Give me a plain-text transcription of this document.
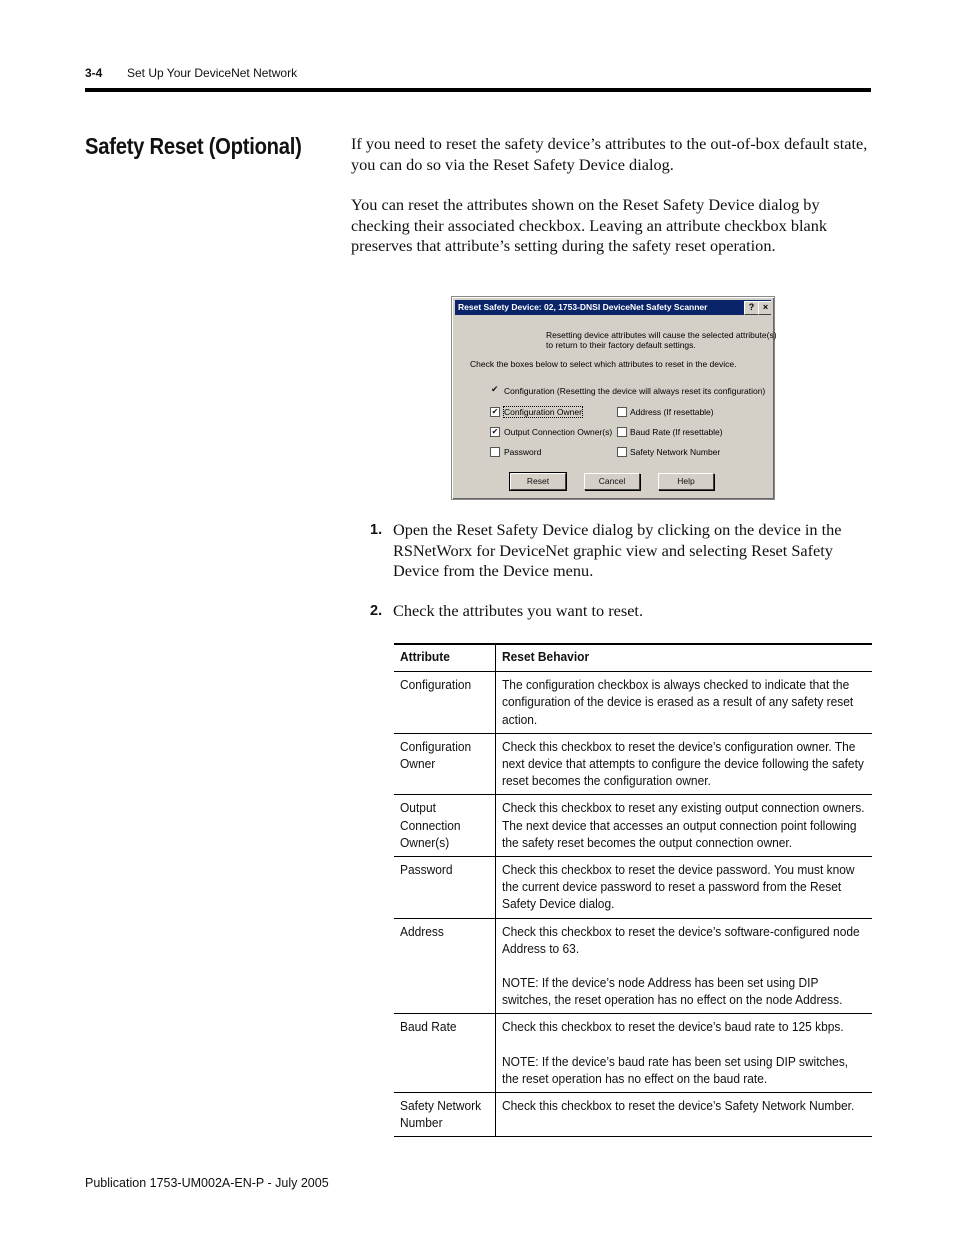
3-4 Set Up Your DeviceNet Network
Safety Reset (Optional)	If you need to reset the safety device’s attributes to the out-of-box default state, you can do so via the Reset Safety Device dialog.
You can reset the attributes shown on the Reset Safety Device dialog by checking their associated checkbox. Leaving an attribute checkbox blank preserves that attribute’s setting during the safety reset operation.
Reset Safety Device: 02, 1753-DNSI DeviceNet Safety Scanner	? ×
Resetting device attributes will cause the selected attribute(s)
to return to their factory default settings.
Check the boxes below to select which attributes to reset in the device.
✔ Configuration (Resetting the device will always reset its configuration)
✔ Configuration Owner	Address (If resettable)
✔ Output Connection Owner(s) Baud Rate (If resettable)
Password	Safety Network Number
Reset	Cancel	Help
1. Open the Reset Safety Device dialog by clicking on the device in the RSNetWorx for DeviceNet graphic view and selecting Reset Safety Device from the Device menu.
2. Check the attributes you want to reset.
Attribute	Reset Behavior
Configuration	The configuration checkbox is always checked to indicate that the configuration of the device is erased as a result of any safety reset action.
Configuration Owner	Check this checkbox to reset the device’s configuration owner. The next device that attempts to configure the device following the safety reset becomes the configuration owner.
Output Connection Owner(s)	Check this checkbox to reset any existing output connection owners. The next device that accesses an output connection point following the safety reset becomes the output connection owner.
Password	Check this checkbox to reset the device password. You must know the current device password to reset a password from the Reset Safety Device dialog.
Address	Check this checkbox to reset the device’s software-configured node Address to 63.
NOTE: If the device’s node Address has been set using DIP switches, the reset operation has no effect on the node Address.

Baud Rate	Check this checkbox to reset the device’s baud rate to 125 kbps.
NOTE: If the device’s baud rate has been set using DIP switches, the reset operation has no effect on the baud rate.

Safety Network Number	Check this checkbox to reset the device’s Safety Network Number.
Publication 1753-UM002A-EN-P - July 2005
